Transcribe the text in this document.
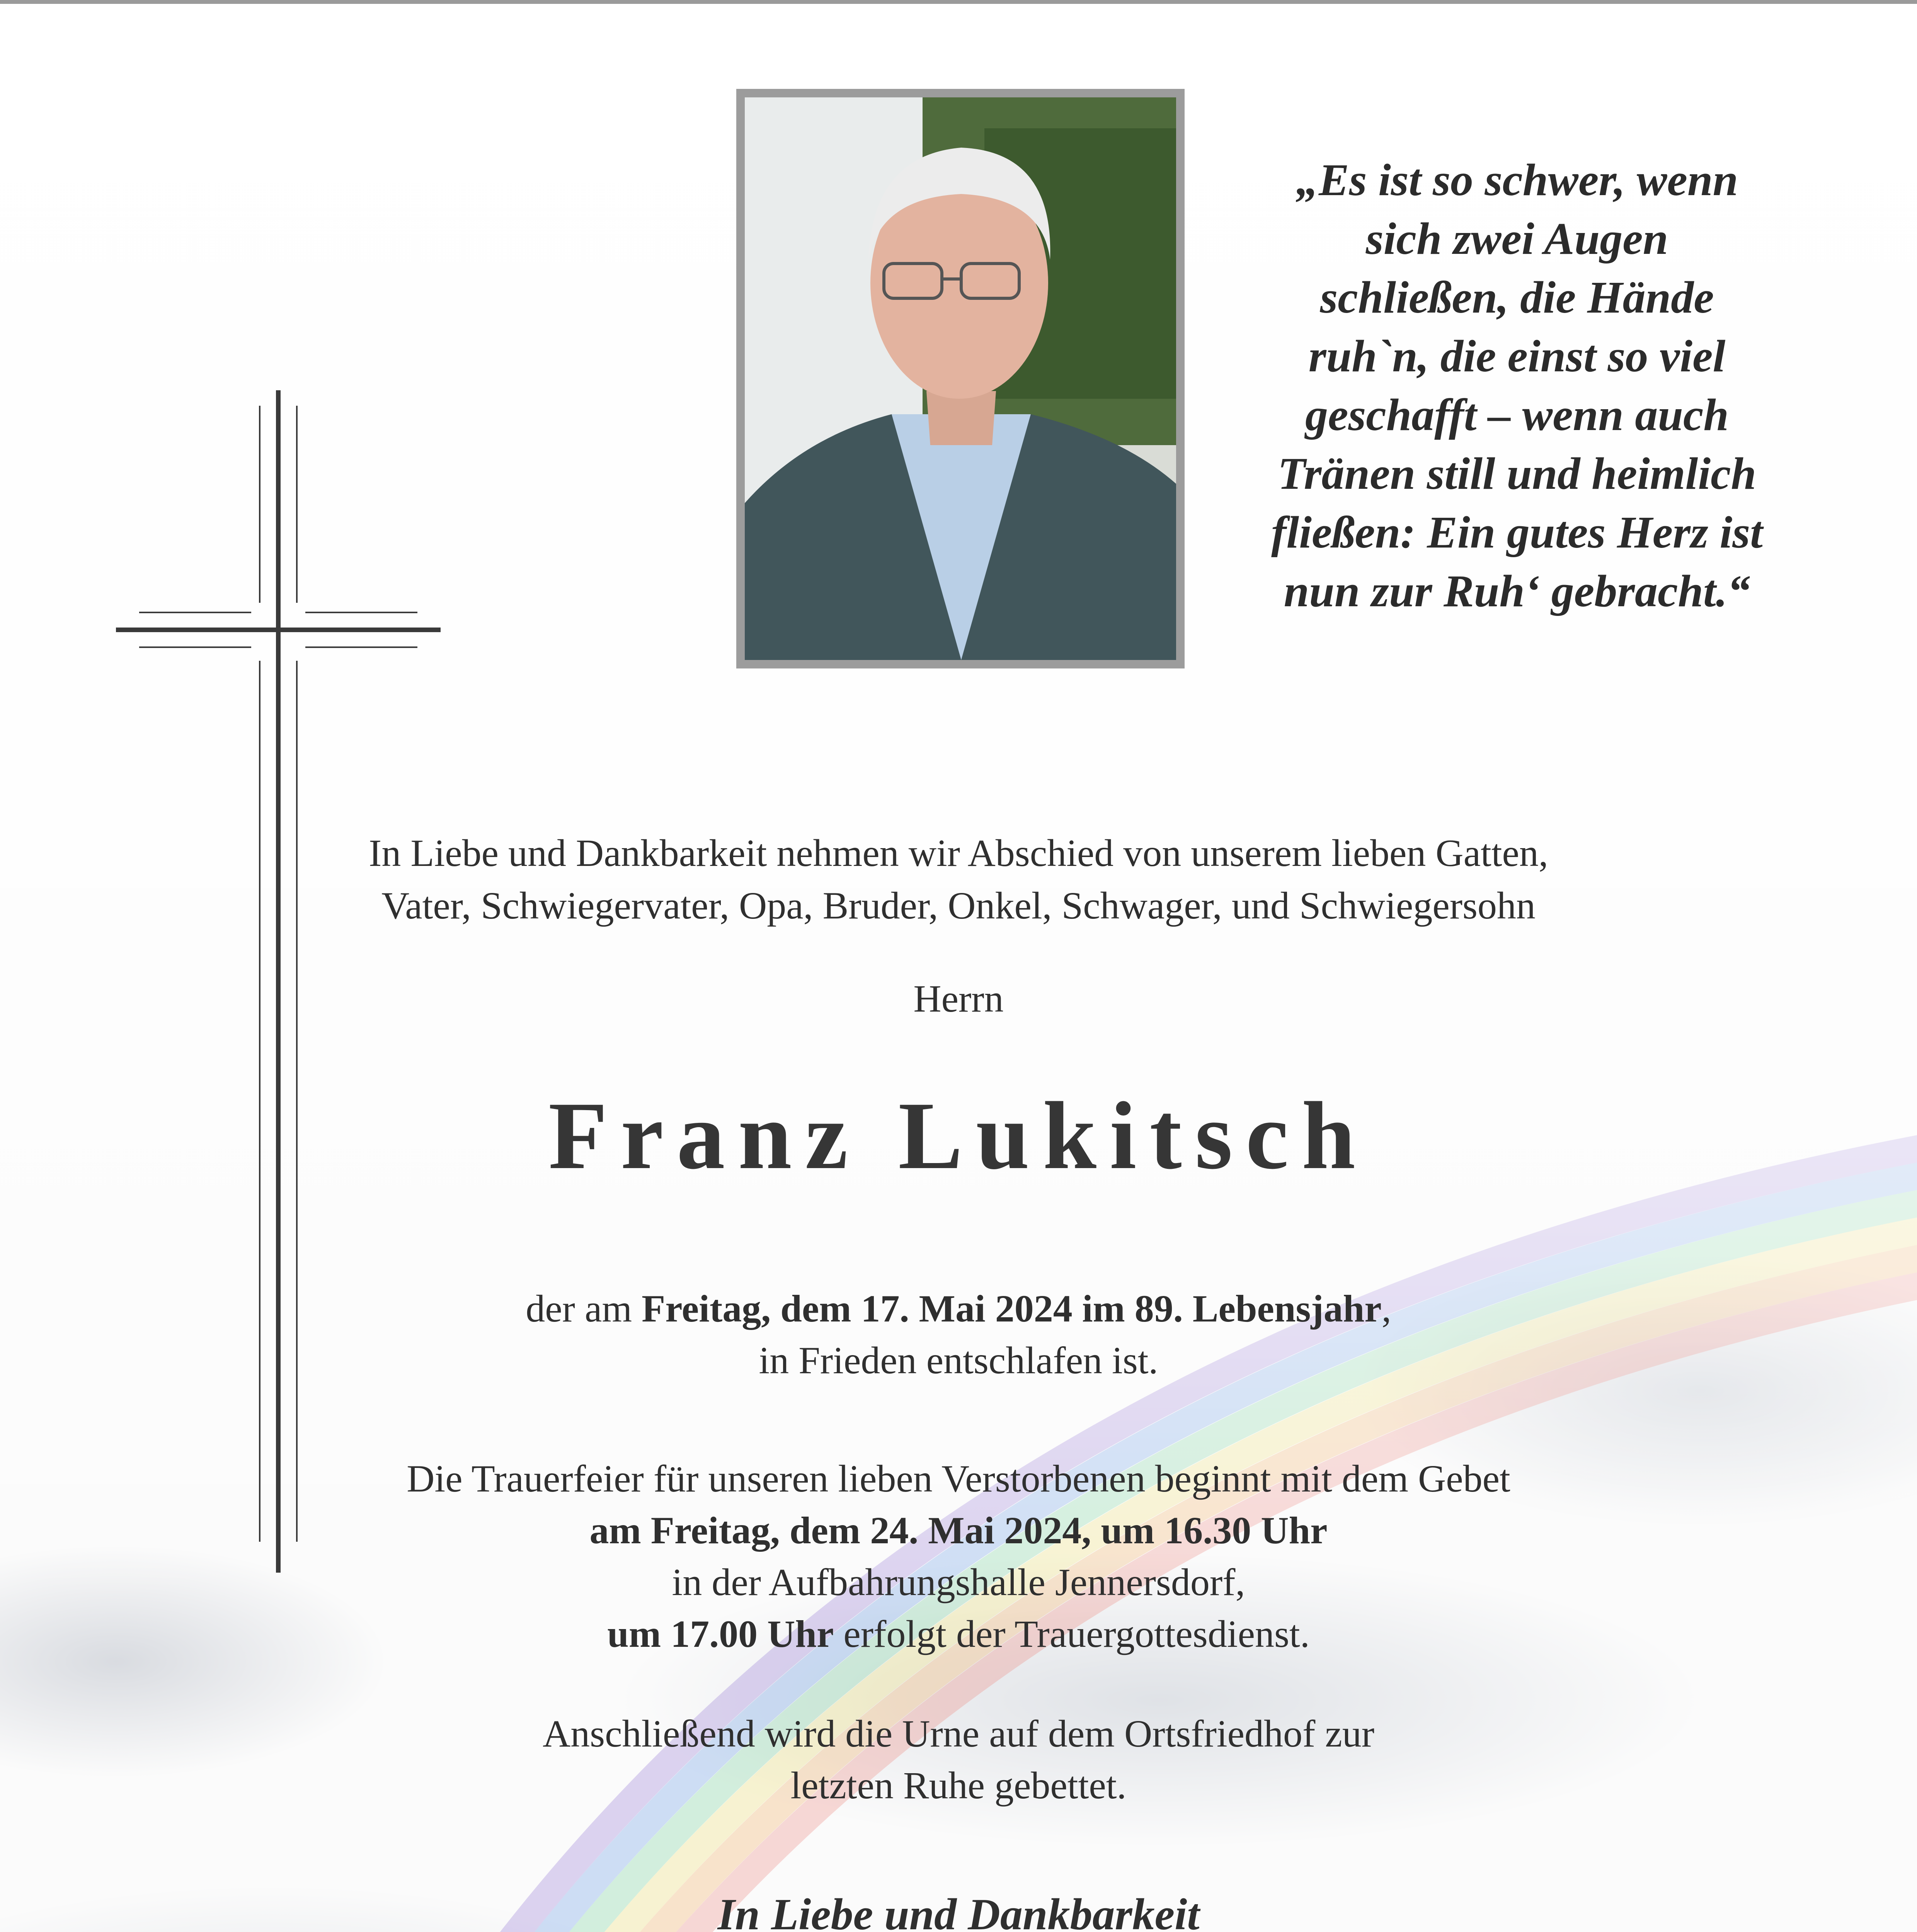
„Es ist so schwer, wenn
sich zwei Augen
schließen, die Hände
ruh`n, die einst so viel
geschafft – wenn auch
Tränen still und heimlich
fließen: Ein gutes Herz ist
nun zur Ruh‘ gebracht.“
In Liebe und Dankbarkeit nehmen wir Abschied von unserem lieben Gatten,
Vater, Schwiegervater, Opa, Bruder, Onkel, Schwager, und Schwiegersohn
Herrn
Franz Lukitsch
der am Freitag, dem 17. Mai 2024 im 89. Lebensjahr,
in Frieden entschlafen ist.
Die Trauerfeier für unseren lieben Verstorbenen beginnt mit dem Gebet
am Freitag, dem 24. Mai 2024, um 16.30 Uhr
in der Aufbahrungshalle Jennersdorf,
um 17.00 Uhr erfolgt der Trauergottesdienst.
Anschließend wird die Urne auf dem Ortsfriedhof zur
letzten Ruhe gebettet.
In Liebe und Dankbarkeit
